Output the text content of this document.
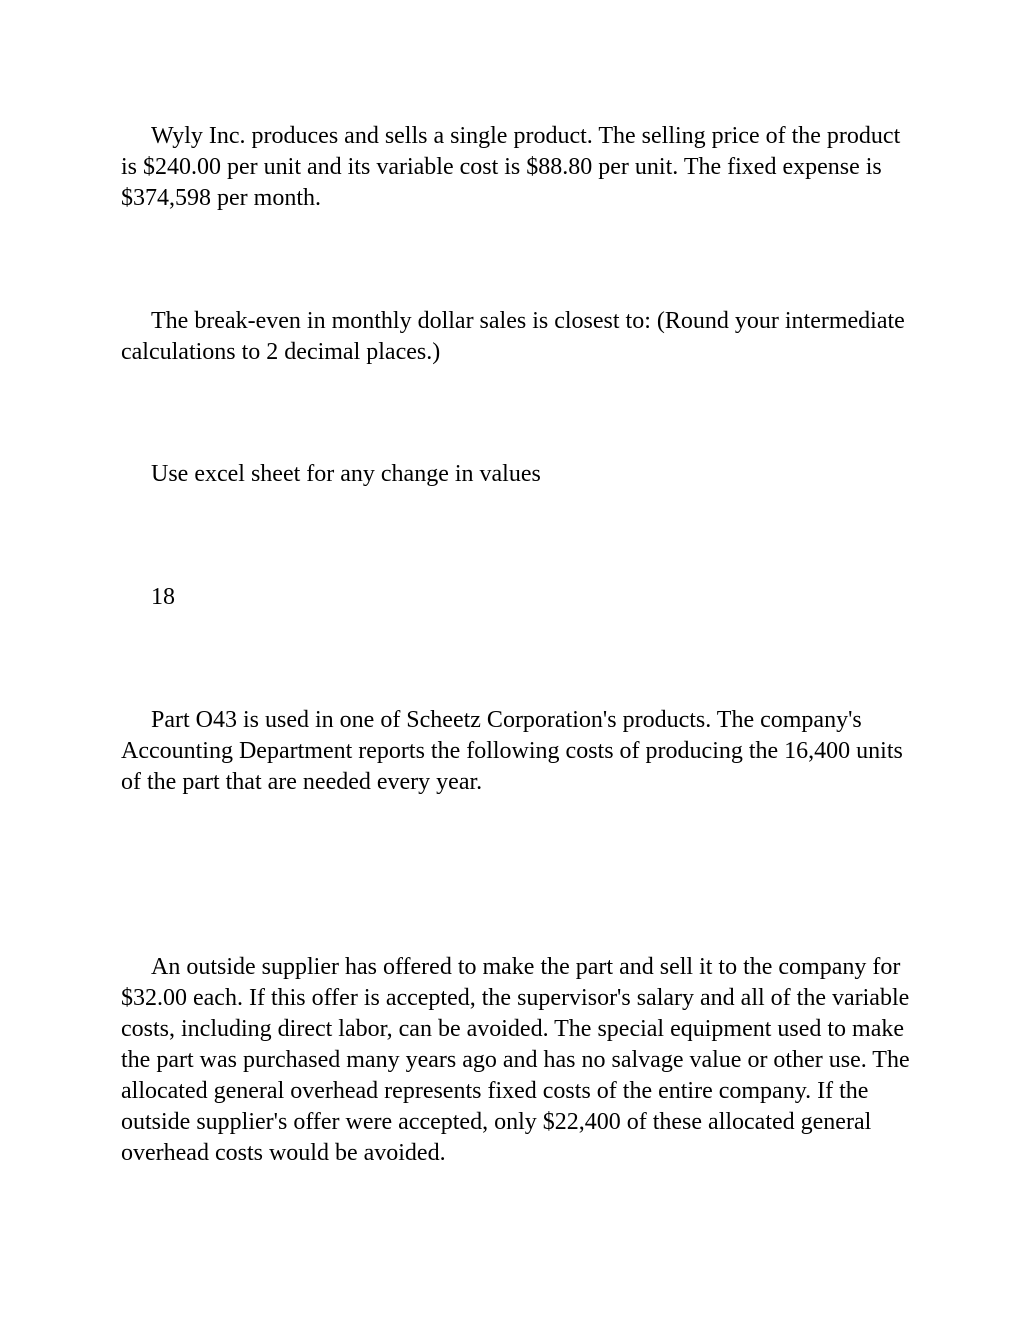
Wyly Inc. produces and sells a single product. The selling price of the product is $240.00 per unit and its variable cost is $88.80 per unit. The fixed expense is $374,598 per month.

The break-even in monthly dollar sales is closest to: (Round your intermediate calculations to 2 decimal places.)

Use excel sheet for any change in values

18

Part O43 is used in one of Scheetz Corporation's products. The company's Accounting Department reports the following costs of producing the 16,400 units of the part that are needed every year.

An outside supplier has offered to make the part and sell it to the company for $32.00 each. If this offer is accepted, the supervisor's salary and all of the variable costs, including direct labor, can be avoided. The special equipment used to make the part was purchased many years ago and has no salvage value or other use. The allocated general overhead represents fixed costs of the entire company. If the outside supplier's offer were accepted, only $22,400 of these allocated general overhead costs would be avoided.
